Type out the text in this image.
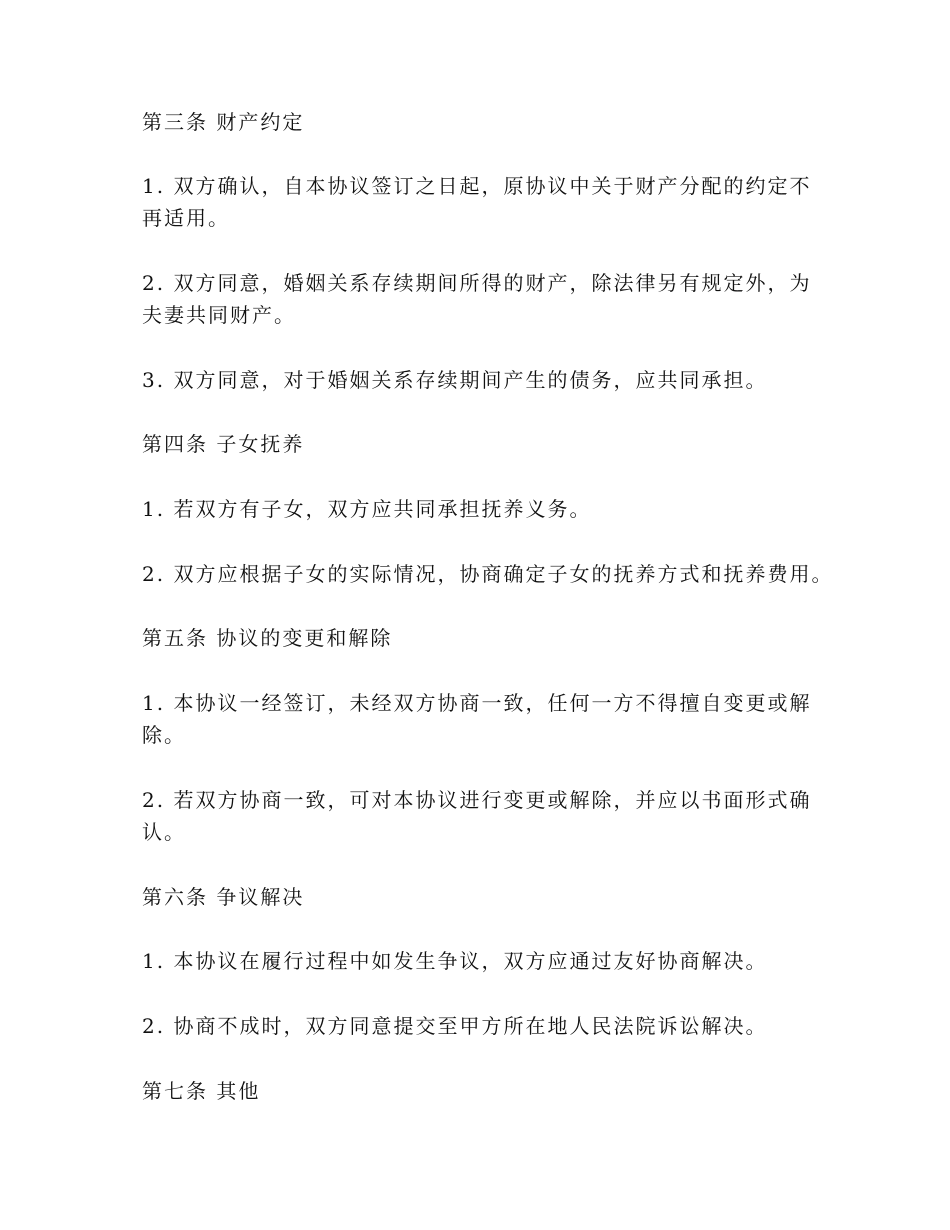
第三条 财产约定

1. 双方确认，自本协议签订之日起，原协议中关于财产分配的约定不

再适用。

2. 双方同意，婚姻关系存续期间所得的财产，除法律另有规定外，为

夫妻共同财产。

3. 双方同意，对于婚姻关系存续期间产生的债务，应共同承担。

第四条 子女抚养

1. 若双方有子女，双方应共同承担抚养义务。

2. 双方应根据子女的实际情况，协商确定子女的抚养方式和抚养费用。

第五条 协议的变更和解除

1. 本协议一经签订，未经双方协商一致，任何一方不得擅自变更或解

除。

2. 若双方协商一致，可对本协议进行变更或解除，并应以书面形式确

认。

第六条 争议解决

1. 本协议在履行过程中如发生争议，双方应通过友好协商解决。

2. 协商不成时，双方同意提交至甲方所在地人民法院诉讼解决。

第七条 其他
